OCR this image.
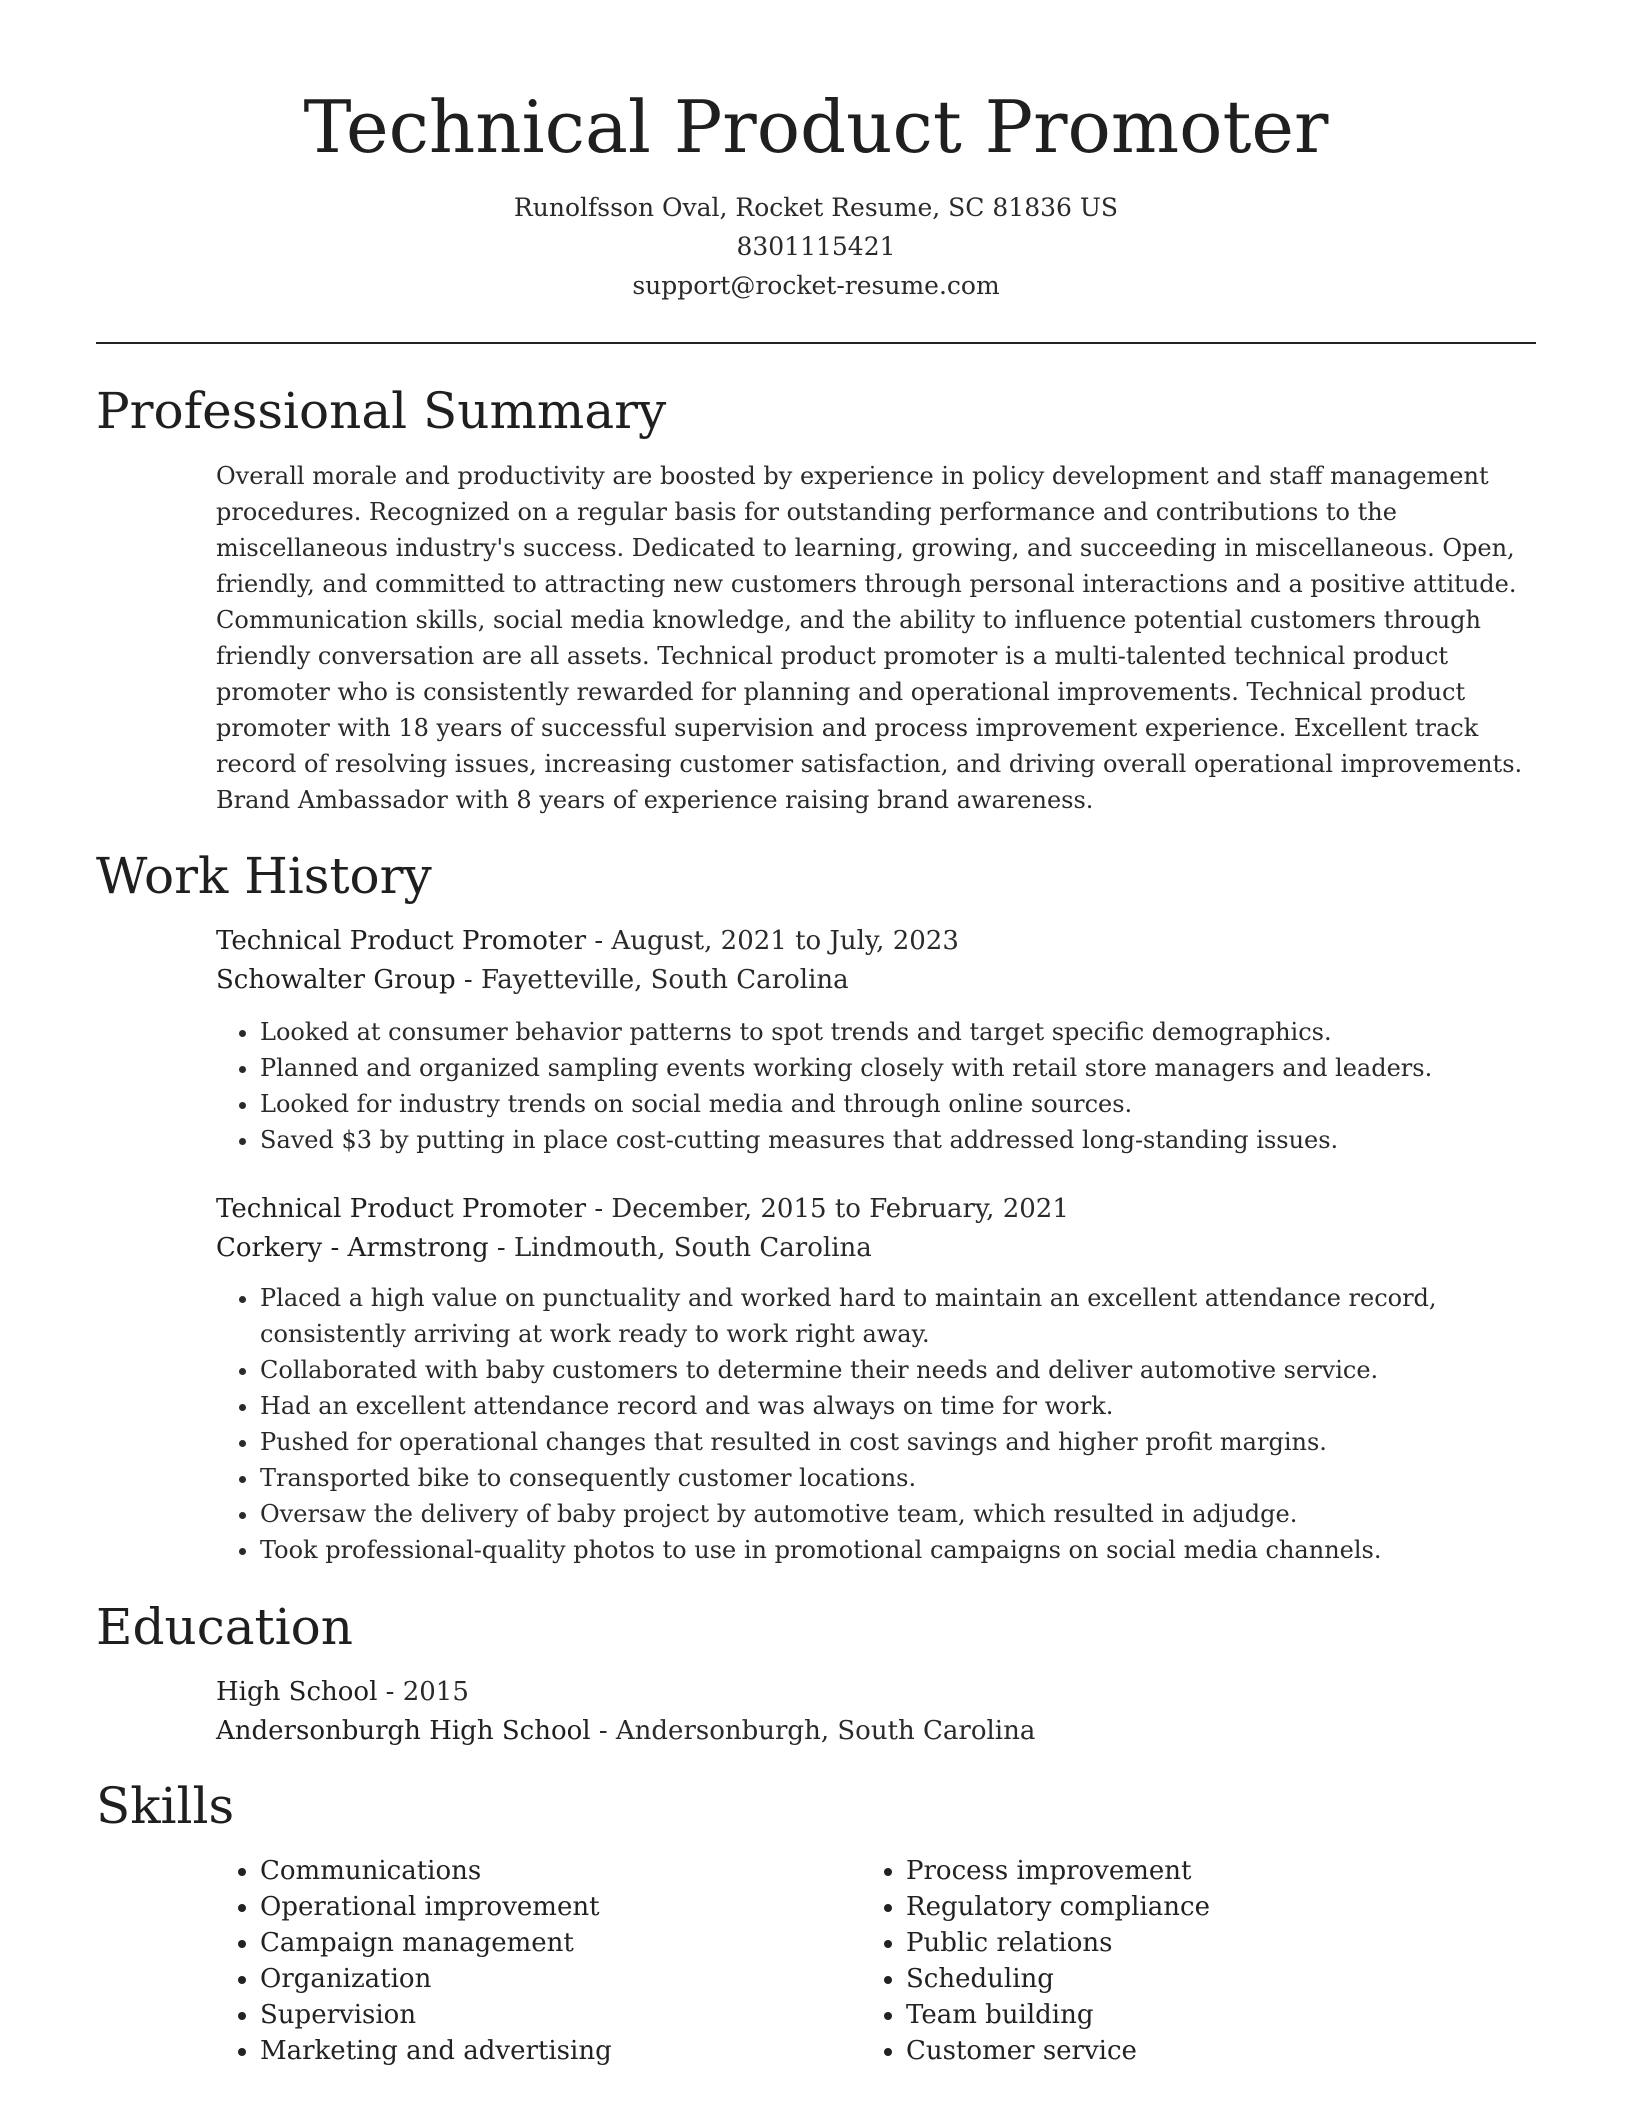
Technical Product Promoter
Runolfsson Oval, Rocket Resume, SC 81836 US
8301115421
support@rocket-resume.com
Professional Summary

Overall morale and productivity are boosted by experience in policy development and staff management procedures. Recognized on a regular basis for outstanding performance and contributions to the miscellaneous industry's success. Dedicated to learning, growing, and succeeding in miscellaneous. Open, friendly, and committed to attracting new customers through personal interactions and a positive attitude. Communication skills, social media knowledge, and the ability to influence potential customers through friendly conversation are all assets. Technical product promoter is a multi-talented technical product promoter who is consistently rewarded for planning and operational improvements. Technical product promoter with 18 years of successful supervision and process improvement experience. Excellent track record of resolving issues, increasing customer satisfaction, and driving overall operational improvements. Brand Ambassador with 8 years of experience raising brand awareness.

Work History
Technical Product Promoter - August, 2021 to July, 2023
Schowalter Group - Fayetteville, South Carolina
• Looked at consumer behavior patterns to spot trends and target specific demographics.
• Planned and organized sampling events working closely with retail store managers and leaders.
• Looked for industry trends on social media and through online sources.
• Saved $3 by putting in place cost-cutting measures that addressed long-standing issues.
Technical Product Promoter - December, 2015 to February, 2021
Corkery - Armstrong - Lindmouth, South Carolina
• Placed a high value on punctuality and worked hard to maintain an excellent attendance record, consistently arriving at work ready to work right away.
• Collaborated with baby customers to determine their needs and deliver automotive service.
• Had an excellent attendance record and was always on time for work.
• Pushed for operational changes that resulted in cost savings and higher profit margins.
• Transported bike to consequently customer locations.
• Oversaw the delivery of baby project by automotive team, which resulted in adjudge.
• Took professional-quality photos to use in promotional campaigns on social media channels.
Education
High School - 2015
Andersonburgh High School - Andersonburgh, South Carolina
Skills
• Communications
• Operational improvement
• Campaign management
• Organization
• Supervision
• Marketing and advertising
• Process improvement
• Regulatory compliance
• Public relations
• Scheduling
• Team building
• Customer service
